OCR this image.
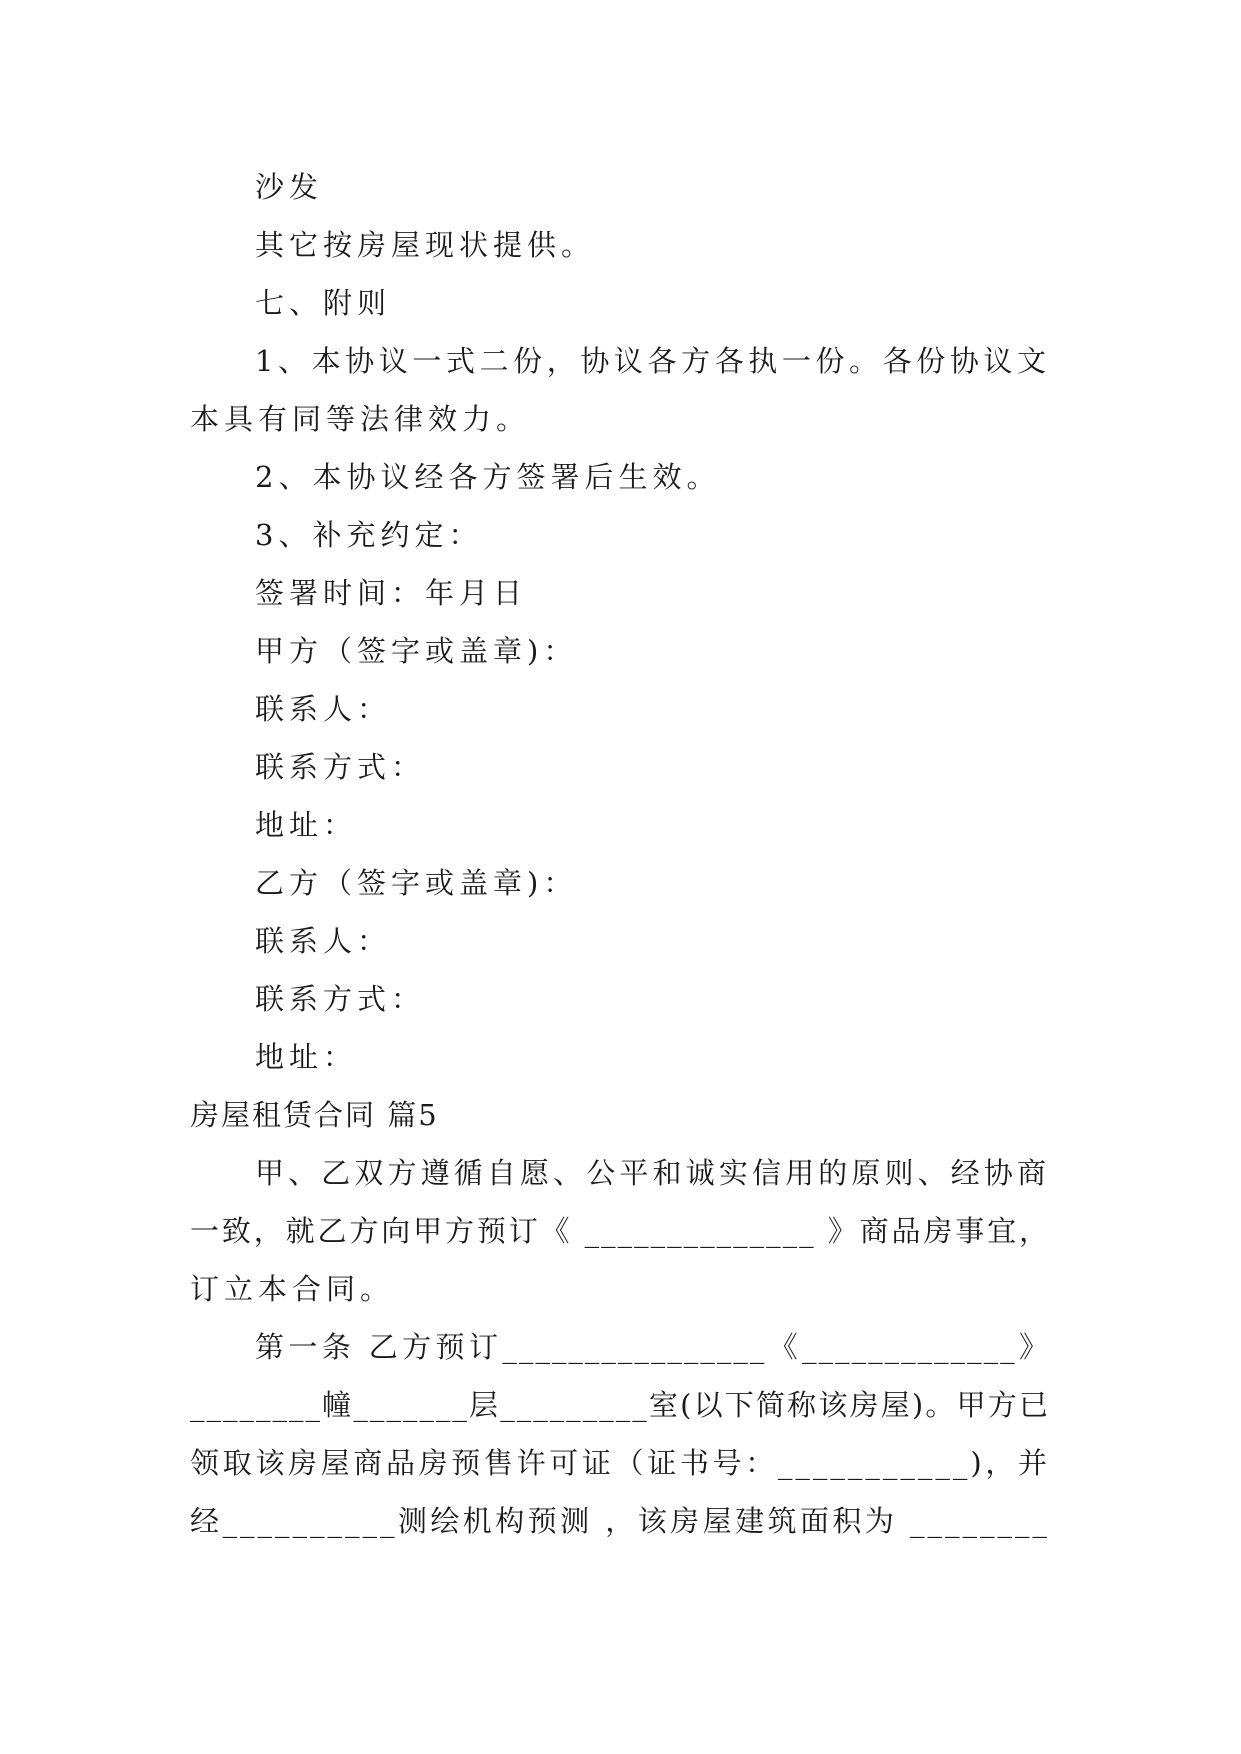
沙发
其它按房屋现状提供。
七、附则
1、本协议一式二份，协议各方各执一份。各份协议文
本具有同等法律效力。
2、本协议经各方签署后生效。
3、补充约定：
签署时间：年月日
甲方（签字或盖章)：
联系人：
联系方式：
地址：
乙方（签字或盖章)：
联系人：
联系方式：
地址：
房屋租赁合同 篇5
甲、乙双方遵循自愿、公平和诚实信用的原则、经协商
一致，就乙方向甲方预订《 ______________ 》商品房事宜，
订立本合同。
第一条 乙方预订________________《_____________》
________幢_______层_________室(以下简称该房屋)。甲方已
领取该房屋商品房预售许可证（证书号：___________)，并
经__________测绘机构预测 ，该房屋建筑面积为 ________
